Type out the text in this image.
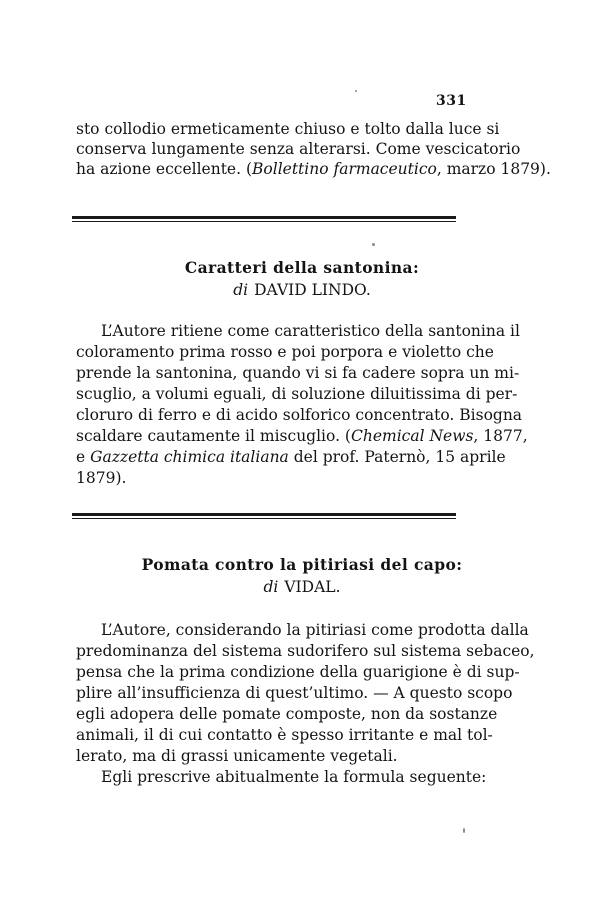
331
sto collodio ermeticamente chiuso e tolto dalla luce si
conserva lungamente senza alterarsi. Come vescicatorio
ha azione eccellente. (Bollettino farmaceutico, marzo 1879).
Caratteri della santonina:
di DAVID LINDO.
L’Autore ritiene come caratteristico della santonina il
coloramento prima rosso e poi porpora e violetto che
prende la santonina, quando vi si fa cadere sopra un mi-
scuglio, a volumi eguali, di soluzione diluitissima di per-
cloruro di ferro e di acido solforico concentrato. Bisogna
scaldare cautamente il miscuglio. (Chemical News, 1877,
e Gazzetta chimica italiana del prof. Paternò, 15 aprile
1879).
Pomata contro la pitiriasi del capo:
di VIDAL.
L’Autore, considerando la pitiriasi come prodotta dalla
predominanza del sistema sudorifero sul sistema sebaceo,
pensa che la prima condizione della guarigione è di sup-
plire all’insufficienza di quest’ultimo. — A questo scopo
egli adopera delle pomate composte, non da sostanze
animali, il di cui contatto è spesso irritante e mal tol-
lerato, ma di grassi unicamente vegetali.
Egli prescrive abitualmente la formula seguente:
